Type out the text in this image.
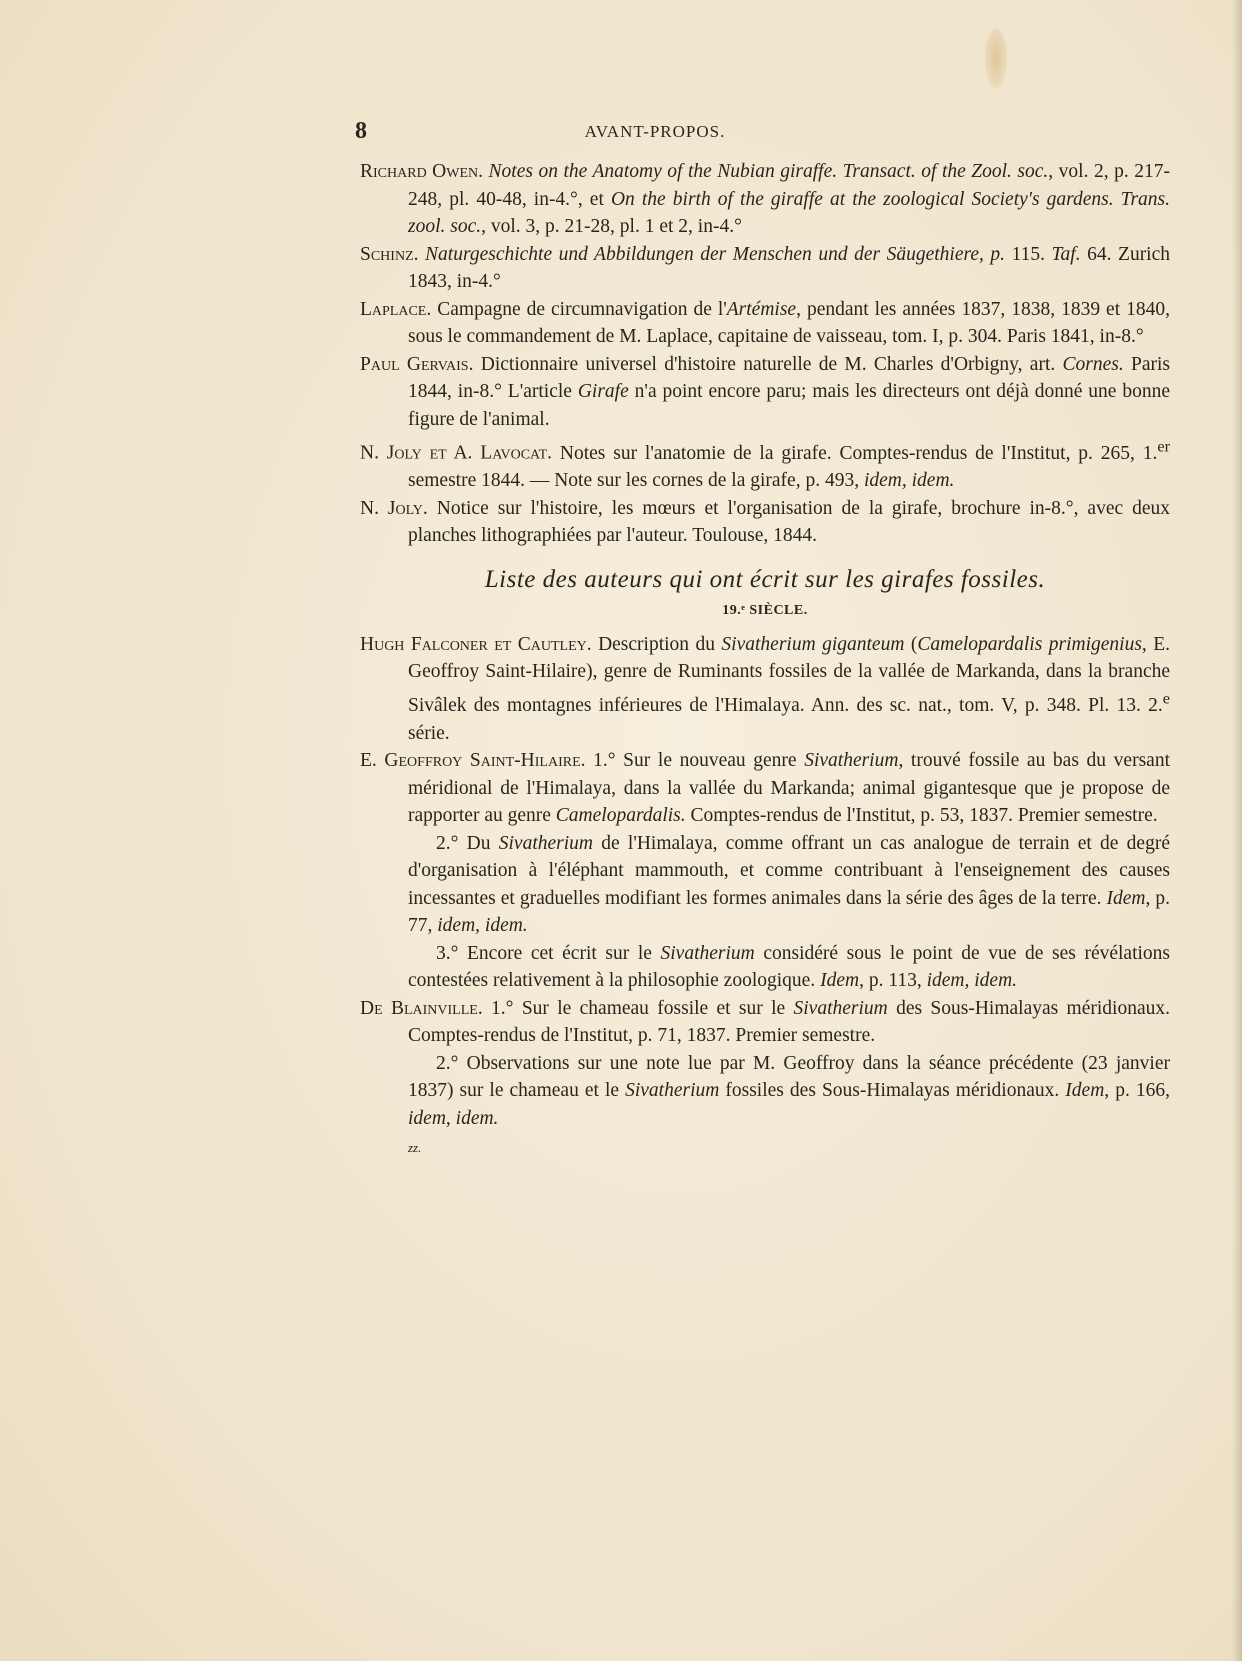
8	AVANT-PROPOS.

Richard Owen. Notes on the Anatomy of the Nubian giraffe. Transact. of the Zool. soc., vol. 2, p. 217-248, pl. 40-48, in-4.°, et On the birth of the giraffe at the zoological Society's gardens. Trans. zool. soc., vol. 3, p. 21-28, pl. 1 et 2, in-4.°

Schinz. Naturgeschichte und Abbildungen der Menschen und der Säugethiere, p. 115. Taf. 64. Zurich 1843, in-4.°

Laplace. Campagne de circumnavigation de l'Artémise, pendant les années 1837, 1838, 1839 et 1840, sous le commandement de M. Laplace, capitaine de vaisseau, tom. I, p. 304. Paris 1841, in-8.°

Paul Gervais. Dictionnaire universel d'histoire naturelle de M. Charles d'Orbigny, art. Cornes. Paris 1844, in-8.° L'article Girafe n'a point encore paru; mais les directeurs ont déjà donné une bonne figure de l'animal.

N. Joly et A. Lavocat. Notes sur l'anatomie de la girafe. Comptes-rendus de l'Institut, p. 265, 1.$^{er}$ semestre 1844. — Note sur les cornes de la girafe, p. 493, idem, idem.

N. Joly. Notice sur l'histoire, les mœurs et l'organisation de la girafe, brochure in-8.°, avec deux planches lithographiées par l'auteur. Toulouse, 1844.

Liste des auteurs qui ont écrit sur les girafes fossiles.
19.ᵉ SIÈCLE.

Hugh Falconer et Cautley. Description du Sivatherium giganteum (Camelopardalis primigenius, E. Geoffroy Saint-Hilaire), genre de Ruminants fossiles de la vallée de Markanda, dans la branche Sivâlek des montagnes inférieures de l'Himalaya. Ann. des sc. nat., tom. V, p. 348. Pl. 13. 2.$^e$ série.

E. Geoffroy Saint-Hilaire. 1.° Sur le nouveau genre Sivatherium, trouvé fossile au bas du versant méridional de l'Himalaya, dans la vallée du Markanda; animal gigantesque que je propose de rapporter au genre Camelopardalis. Comptes-rendus de l'Institut, p. 53, 1837. Premier semestre.
2.° Du Sivatherium de l'Himalaya, comme offrant un cas analogue de terrain et de degré d'organisation à l'éléphant mammouth, et comme contribuant à l'enseignement des causes incessantes et graduelles modifiant les formes animales dans la série des âges de la terre. Idem, p. 77, idem, idem.
3.° Encore cet écrit sur le Sivatherium considéré sous le point de vue de ses révélations contestées relativement à la philosophie zoologique. Idem, p. 113, idem, idem.

De Blainville. 1.° Sur le chameau fossile et sur le Sivatherium des Sous-Himalayas méridionaux. Comptes-rendus de l'Institut, p. 71, 1837. Premier semestre.
2.° Observations sur une note lue par M. Geoffroy dans la séance précédente (23 janvier 1837) sur le chameau et le Sivatherium fossiles des Sous-Himalayas méridionaux. Idem, p. 166, idem, idem.

zz.
